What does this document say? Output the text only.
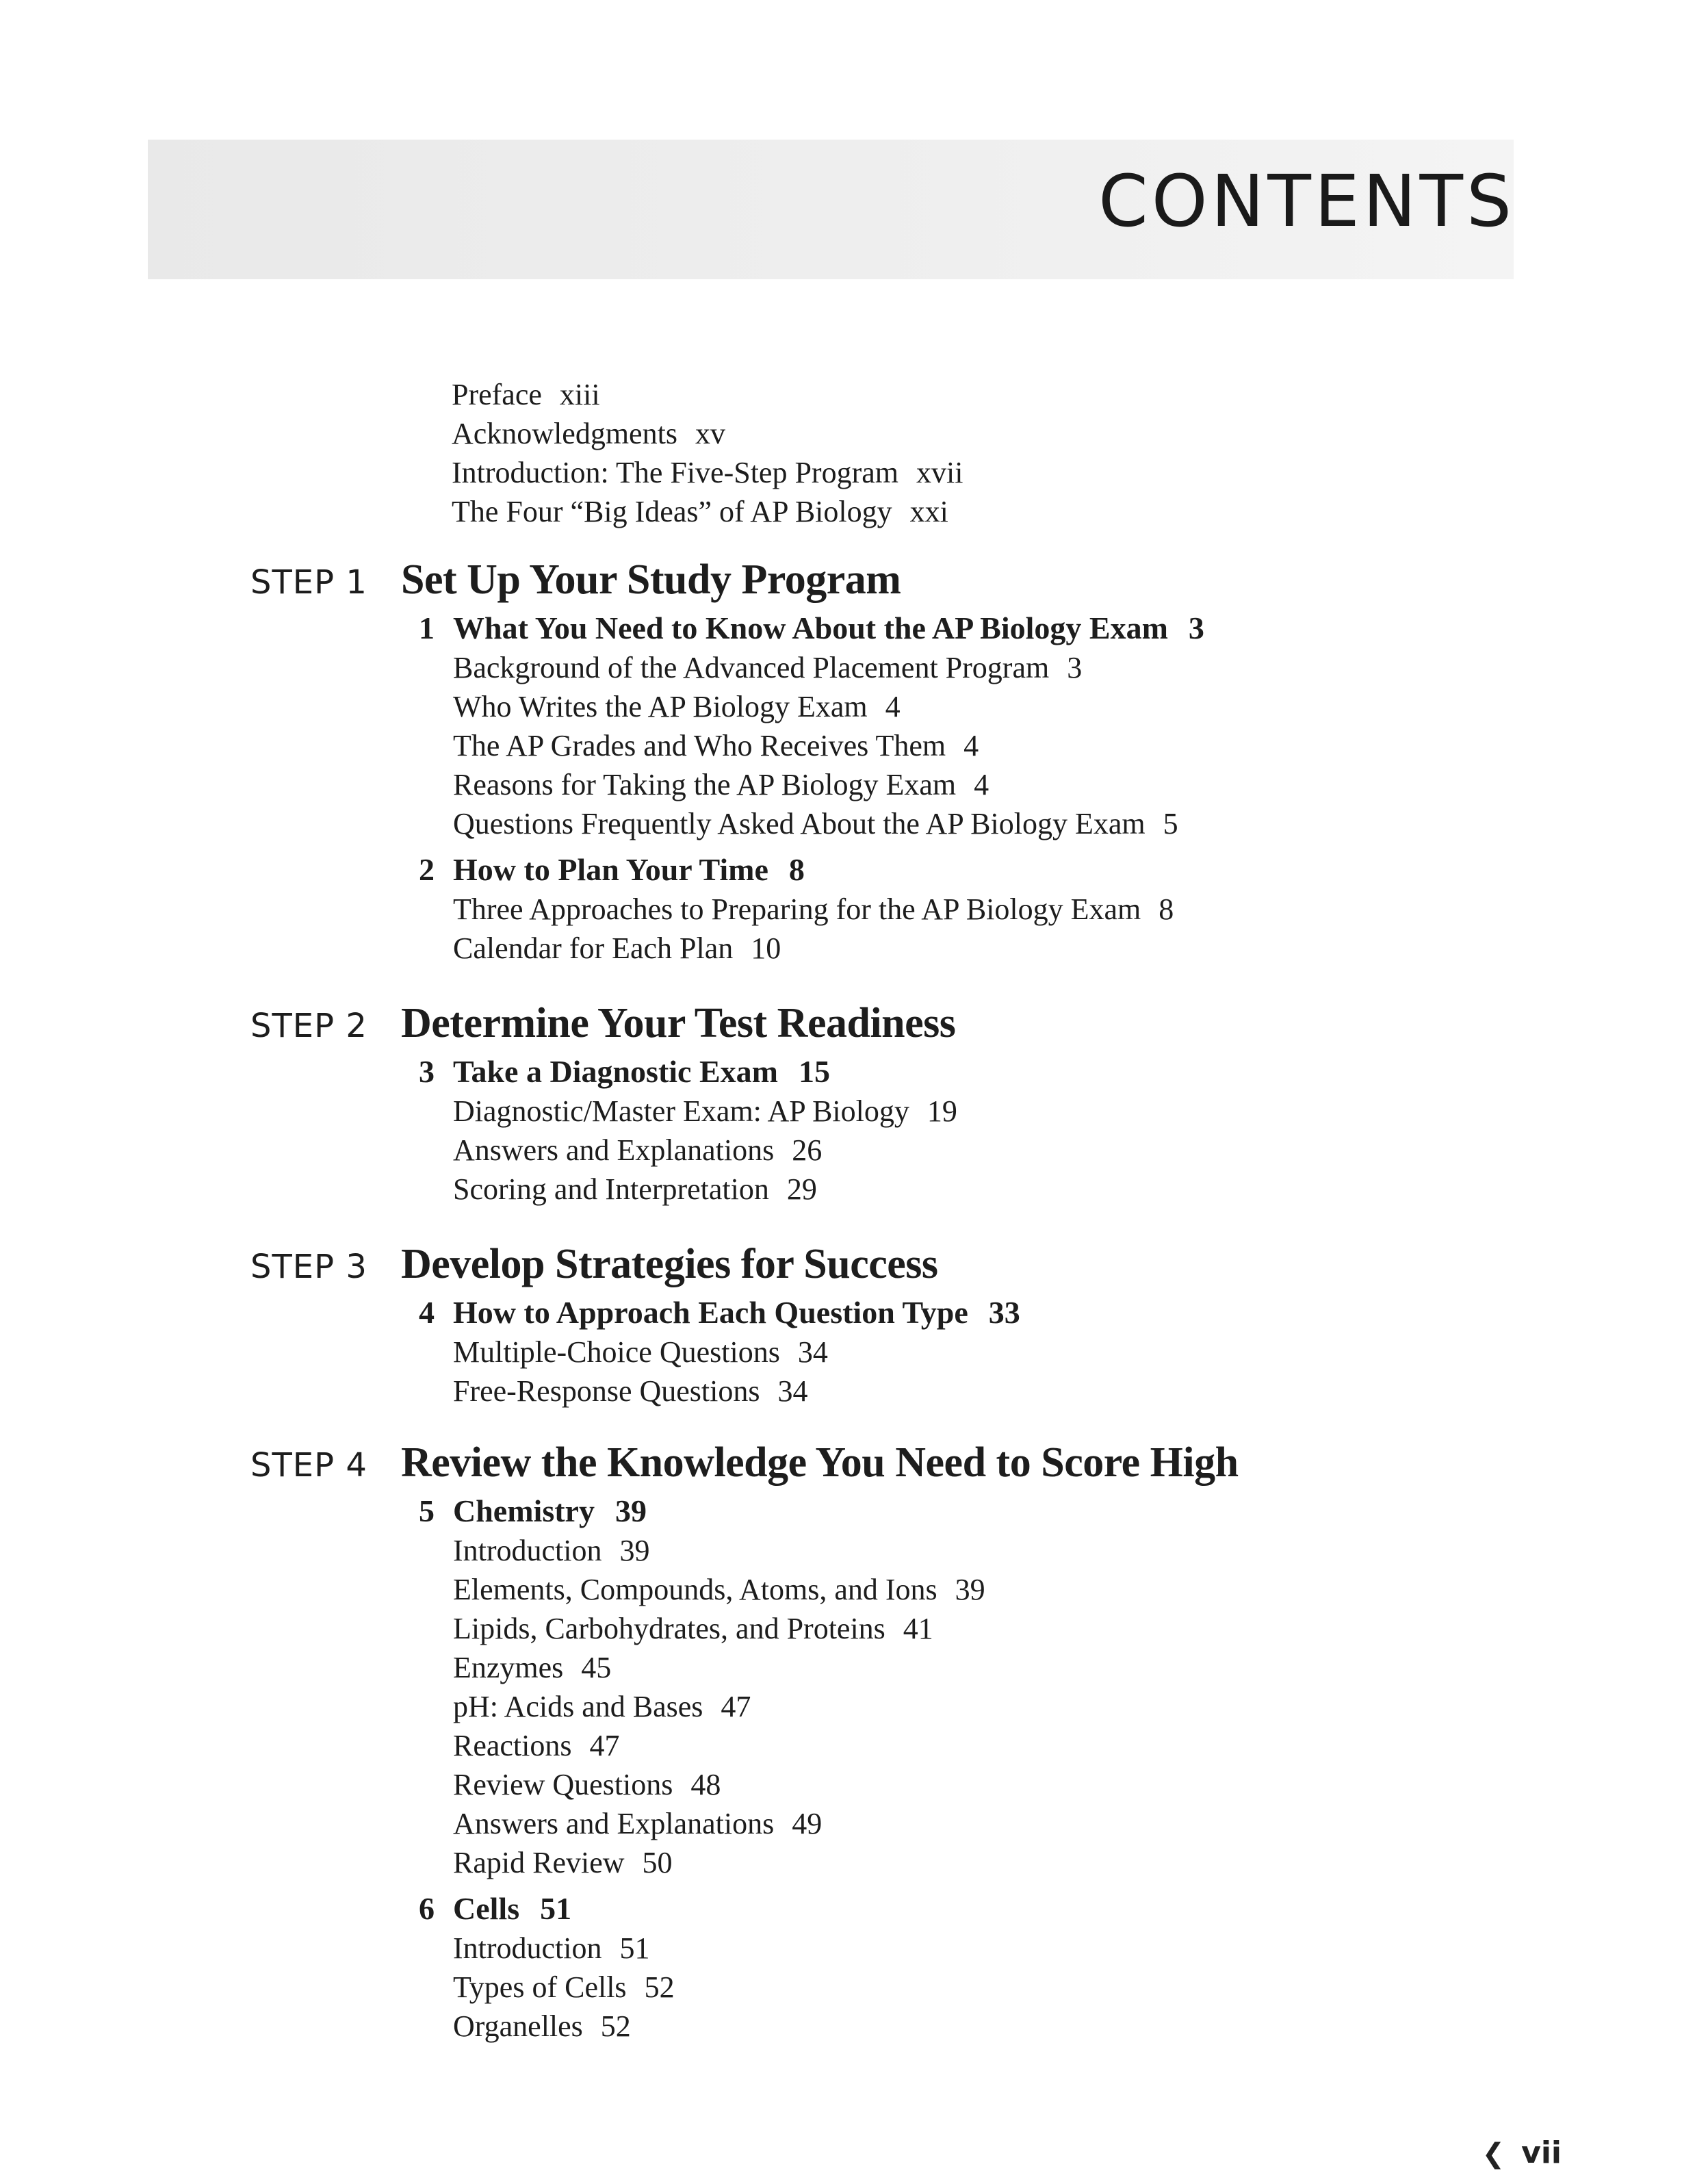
CONTENTS
Preface xiii
Acknowledgments xv
Introduction: The Five-Step Program xvii
The Four “Big Ideas” of AP Biology xxi
STEP 1 Set Up Your Study Program
1 What You Need to Know About the AP Biology Exam 3
Background of the Advanced Placement Program 3
Who Writes the AP Biology Exam 4
The AP Grades and Who Receives Them 4
Reasons for Taking the AP Biology Exam 4
Questions Frequently Asked About the AP Biology Exam 5
2 How to Plan Your Time 8
Three Approaches to Preparing for the AP Biology Exam 8
Calendar for Each Plan 10
STEP 2 Determine Your Test Readiness
3 Take a Diagnostic Exam 15
Diagnostic/Master Exam: AP Biology 19
Answers and Explanations 26
Scoring and Interpretation 29
STEP 3 Develop Strategies for Success
4 How to Approach Each Question Type 33
Multiple-Choice Questions 34
Free-Response Questions 34
STEP 4 Review the Knowledge You Need to Score High
5 Chemistry 39
Introduction 39
Elements, Compounds, Atoms, and Ions 39
Lipids, Carbohydrates, and Proteins 41
Enzymes 45
pH: Acids and Bases 47
Reactions 47
Review Questions 48
Answers and Explanations 49
Rapid Review 50
6 Cells 51
Introduction 51
Types of Cells 52
Organelles 52
❮ vii
